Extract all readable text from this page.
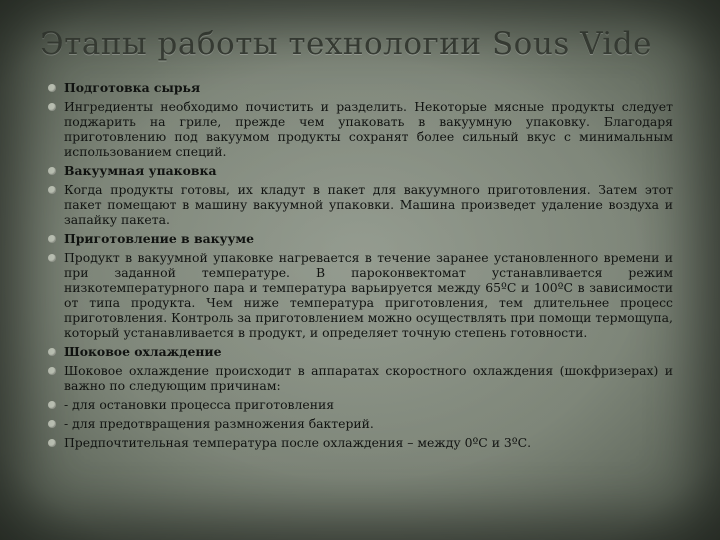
Этапы работы технологии Sous Vide
Подготовка сырья
Ингредиенты необходимо почистить и разделить. Некоторые мясные продукты следует поджарить на гриле, прежде чем упаковать в вакуумную упаковку. Благодаря приготовлению под вакуумом продукты сохранят более сильный вкус с минимальным использованием специй.
Вакуумная упаковка
Когда продукты готовы, их кладут в пакет для вакуумного приготовления. Затем этот пакет помещают в машину вакуумной упаковки. Машина произведет удаление воздуха и запайку пакета.
Приготовление в вакууме
Продукт в вакуумной упаковке нагревается в течение заранее установленного времени и при заданной температуре. В пароконвектомат устанавливается режим низкотемпературного пара и температура варьируется между 65ºС и 100ºС в зависимости от типа продукта. Чем ниже температура приготовления, тем длительнее процесс приготовления. Контроль за приготовлением можно осуществлять при помощи термощупа, который устанавливается в продукт, и определяет точную степень готовности.
Шоковое охлаждение
Шоковое охлаждение происходит в аппаратах скоростного охлаждения (шокфризерах) и важно по следующим причинам:
- для остановки процесса приготовления
- для предотвращения размножения бактерий.
Предпочтительная температура после охлаждения – между 0ºС и 3ºС.
